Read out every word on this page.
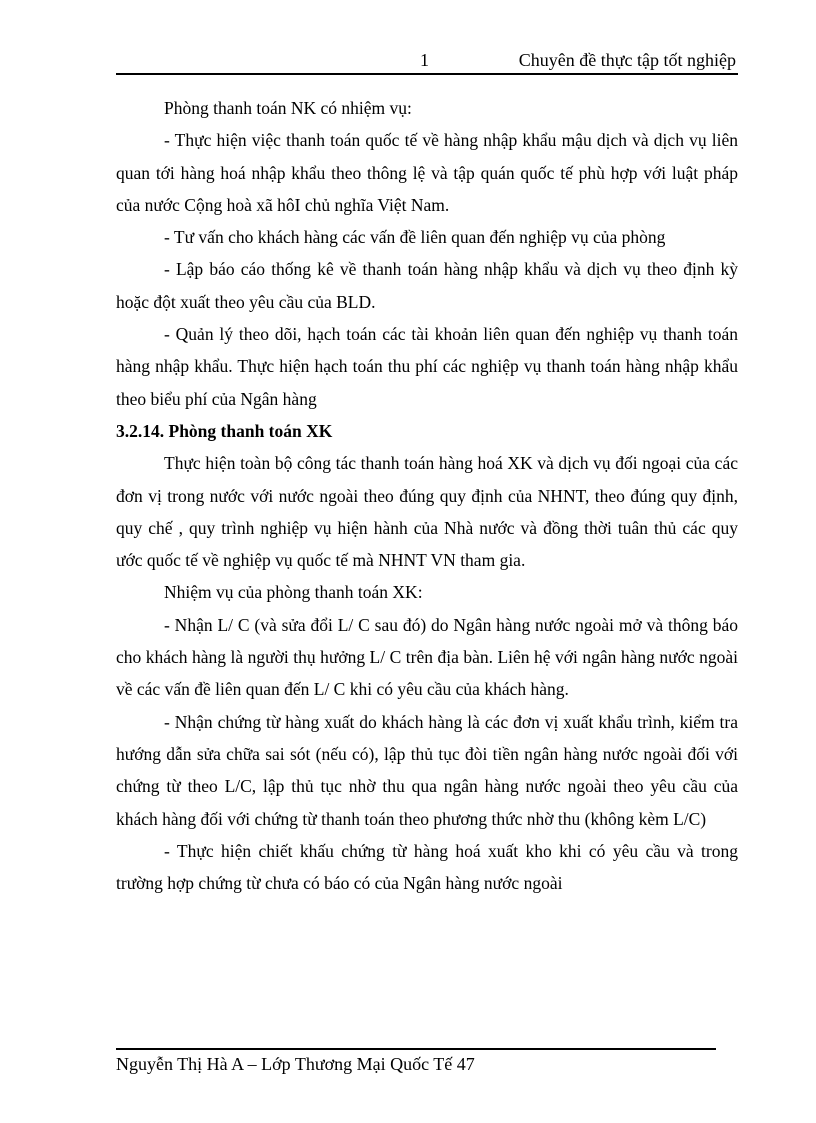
1	Chuyên đề thực tập tốt nghiệp

Phòng thanh toán NK có nhiệm vụ:

- Thực hiện việc thanh toán quốc tế về hàng nhập khẩu mậu dịch và dịch vụ liên quan tới hàng hoá nhập khẩu theo thông lệ và tập quán quốc tế phù hợp với luật pháp của nước Cộng hoà xã hôI chủ nghĩa Việt Nam.

- Tư vấn cho khách hàng các vấn đề liên quan đến nghiệp vụ của phòng

- Lập báo cáo thống kê về thanh toán hàng nhập khẩu và dịch vụ theo định kỳ hoặc đột xuất theo yêu cầu của BLD.

- Quản lý theo dõi, hạch toán các tài khoản liên quan đến nghiệp vụ thanh toán hàng nhập khẩu. Thực hiện hạch toán thu phí các nghiệp vụ thanh toán hàng nhập khẩu theo biểu phí của Ngân hàng

3.2.14. Phòng thanh toán XK

Thực hiện toàn bộ công tác thanh toán hàng hoá XK và dịch vụ đối ngoại của các đơn vị trong nước với nước ngoài theo đúng quy định của NHNT, theo đúng quy định, quy chế , quy trình nghiệp vụ hiện hành của Nhà nước và đồng thời tuân thủ các quy ước quốc tế về nghiệp vụ quốc tế mà NHNT VN tham gia.

Nhiệm vụ của phòng thanh toán XK:

- Nhận L/ C (và sửa đổi L/ C sau đó) do Ngân hàng nước ngoài mở và thông báo cho khách hàng là người thụ hưởng L/ C trên địa bàn. Liên hệ với ngân hàng nước ngoài về các vấn đề liên quan đến L/ C khi có yêu cầu của khách hàng.

- Nhận chứng từ hàng xuất do khách hàng là các đơn vị xuất khẩu trình, kiểm tra hướng dẫn sửa chữa sai sót (nếu có), lập thủ tục đòi tiền ngân hàng nước ngoài đối với chứng từ theo L/C, lập thủ tục nhờ thu qua ngân hàng nước ngoài theo yêu cầu của khách hàng đối với chứng từ thanh toán theo phương thức nhờ thu (không kèm L/C)

- Thực hiện chiết khấu chứng từ hàng hoá xuất kho khi có yêu cầu và trong trường hợp chứng từ chưa có báo có của Ngân hàng nước ngoài

Nguyễn Thị Hà A – Lớp Thương Mại Quốc Tế 47
